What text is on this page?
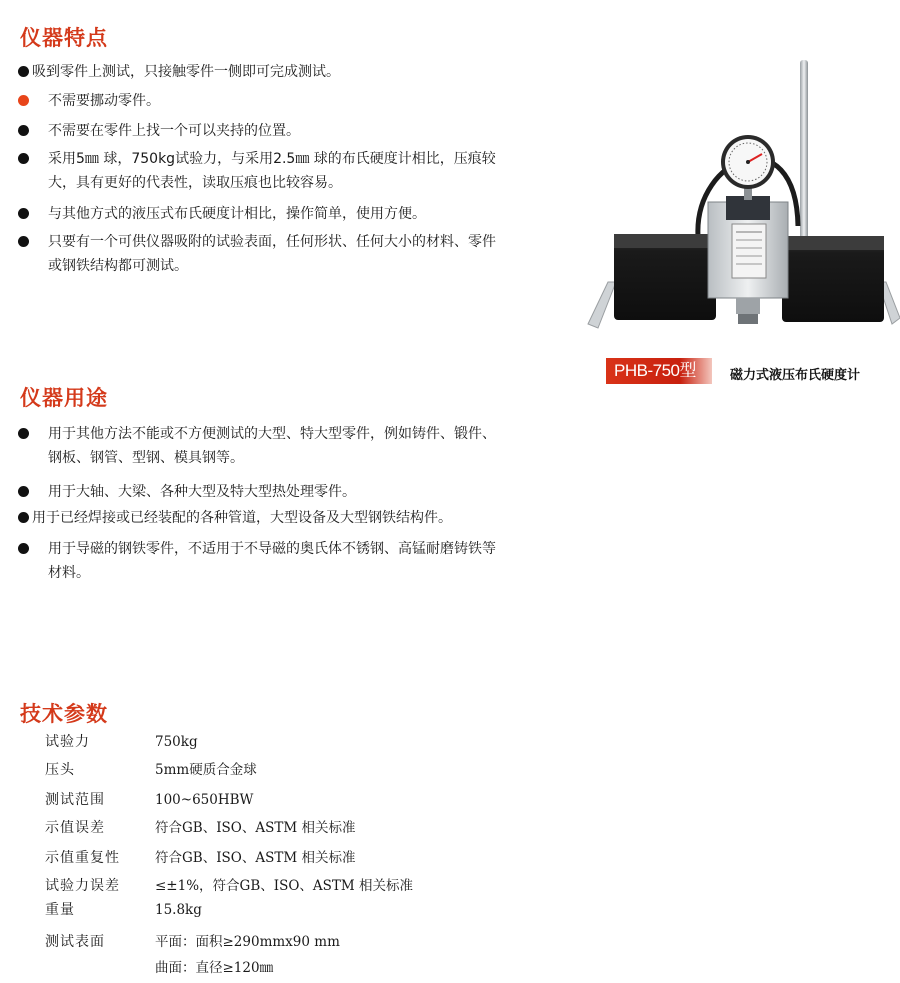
仪器特点
吸到零件上测试，只接触零件一侧即可完成测试。
不需要挪动零件。
不需要在零件上找一个可以夹持的位置。
采用5㎜ 球，750kg试验力，与采用2.5㎜ 球的布氏硬度计相比，压痕较大，具有更好的代表性，读取压痕也比较容易。
与其他方式的液压式布氏硬度计相比，操作简单，使用方便。
只要有一个可供仪器吸附的试验表面，任何形状、任何大小的材料、零件或钢铁结构都可测试。
PHB-750型	磁力式液压布氏硬度计
仪器用途
用于其他方法不能或不方便测试的大型、特大型零件，例如铸件、锻件、钢板、钢管、型钢、模具钢等。
用于大轴、大梁、各种大型及特大型热处理零件。
用于已经焊接或已经装配的各种管道，大型设备及大型钢铁结构件。
用于导磁的钢铁零件，不适用于不导磁的奥氏体不锈钢、高锰耐磨铸铁等材料。
技术参数
试验力	750kg
压头	5mm硬质合金球
测试范围	100~650HBW
示值误差	符合GB、ISO、ASTM 相关标准
示值重复性	符合GB、ISO、ASTM 相关标准
试验力误差	≤±1%，符合GB、ISO、ASTM 相关标准
重量	15.8kg
测试表面	平面：面积≥290mmx90 mm
曲面：直径≥120㎜
